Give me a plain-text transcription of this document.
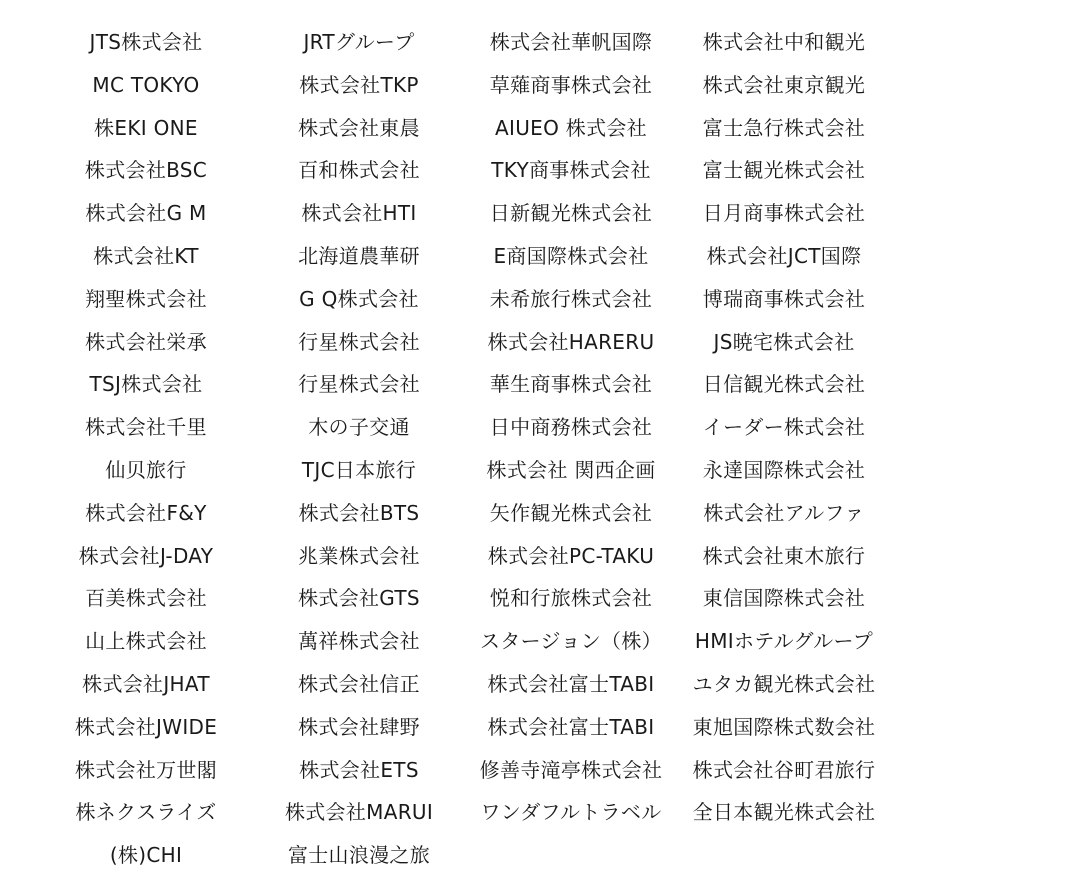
JTS株式会社
MC TOKYO
株EKI ONE
株式会社BSC
株式会社G M
株式会社KT
翔聖株式会社
株式会社栄承
TSJ株式会社
株式会社千里
仙贝旅行
株式会社F&Y
株式会社J-DAY
百美株式会社
山上株式会社
株式会社JHAT
株式会社JWIDE
株式会社万世閣
株ネクスライズ
(株)CHI
JRTグループ
株式会社TKP
株式会社東晨
百和株式会社
株式会社HTI
北海道農華研
G Q株式会社
行星株式会社
行星株式会社
木の子交通
TJC日本旅行
株式会社BTS
兆業株式会社
株式会社GTS
萬祥株式会社
株式会社信正
株式会社肆野
株式会社ETS
株式会社MARUI
富士山浪漫之旅
株式会社華帆国際
草薙商事株式会社
AIUEO 株式会社
TKY商事株式会社
日新観光株式会社
E商国際株式会社
未希旅行株式会社
株式会社HARERU
華生商事株式会社
日中商務株式会社
株式会社 関西企画
矢作観光株式会社
株式会社PC-TAKU
悦和行旅株式会社
スタージョン（株）
株式会社富士TABI
株式会社富士TABI
修善寺滝亭株式会社
ワンダフルトラベル
株式会社中和観光
株式会社東京観光
富士急行株式会社
富士観光株式会社
日月商事株式会社
株式会社JCT国際
博瑞商事株式会社
JS暁宅株式会社
日信観光株式会社
イーダー株式会社
永達国際株式会社
株式会社アルファ
株式会社東木旅行
東信国際株式会社
HMIホテルグループ
ユタカ観光株式会社
東旭国際株式数会社
株式会社谷町君旅行
全日本観光株式会社
